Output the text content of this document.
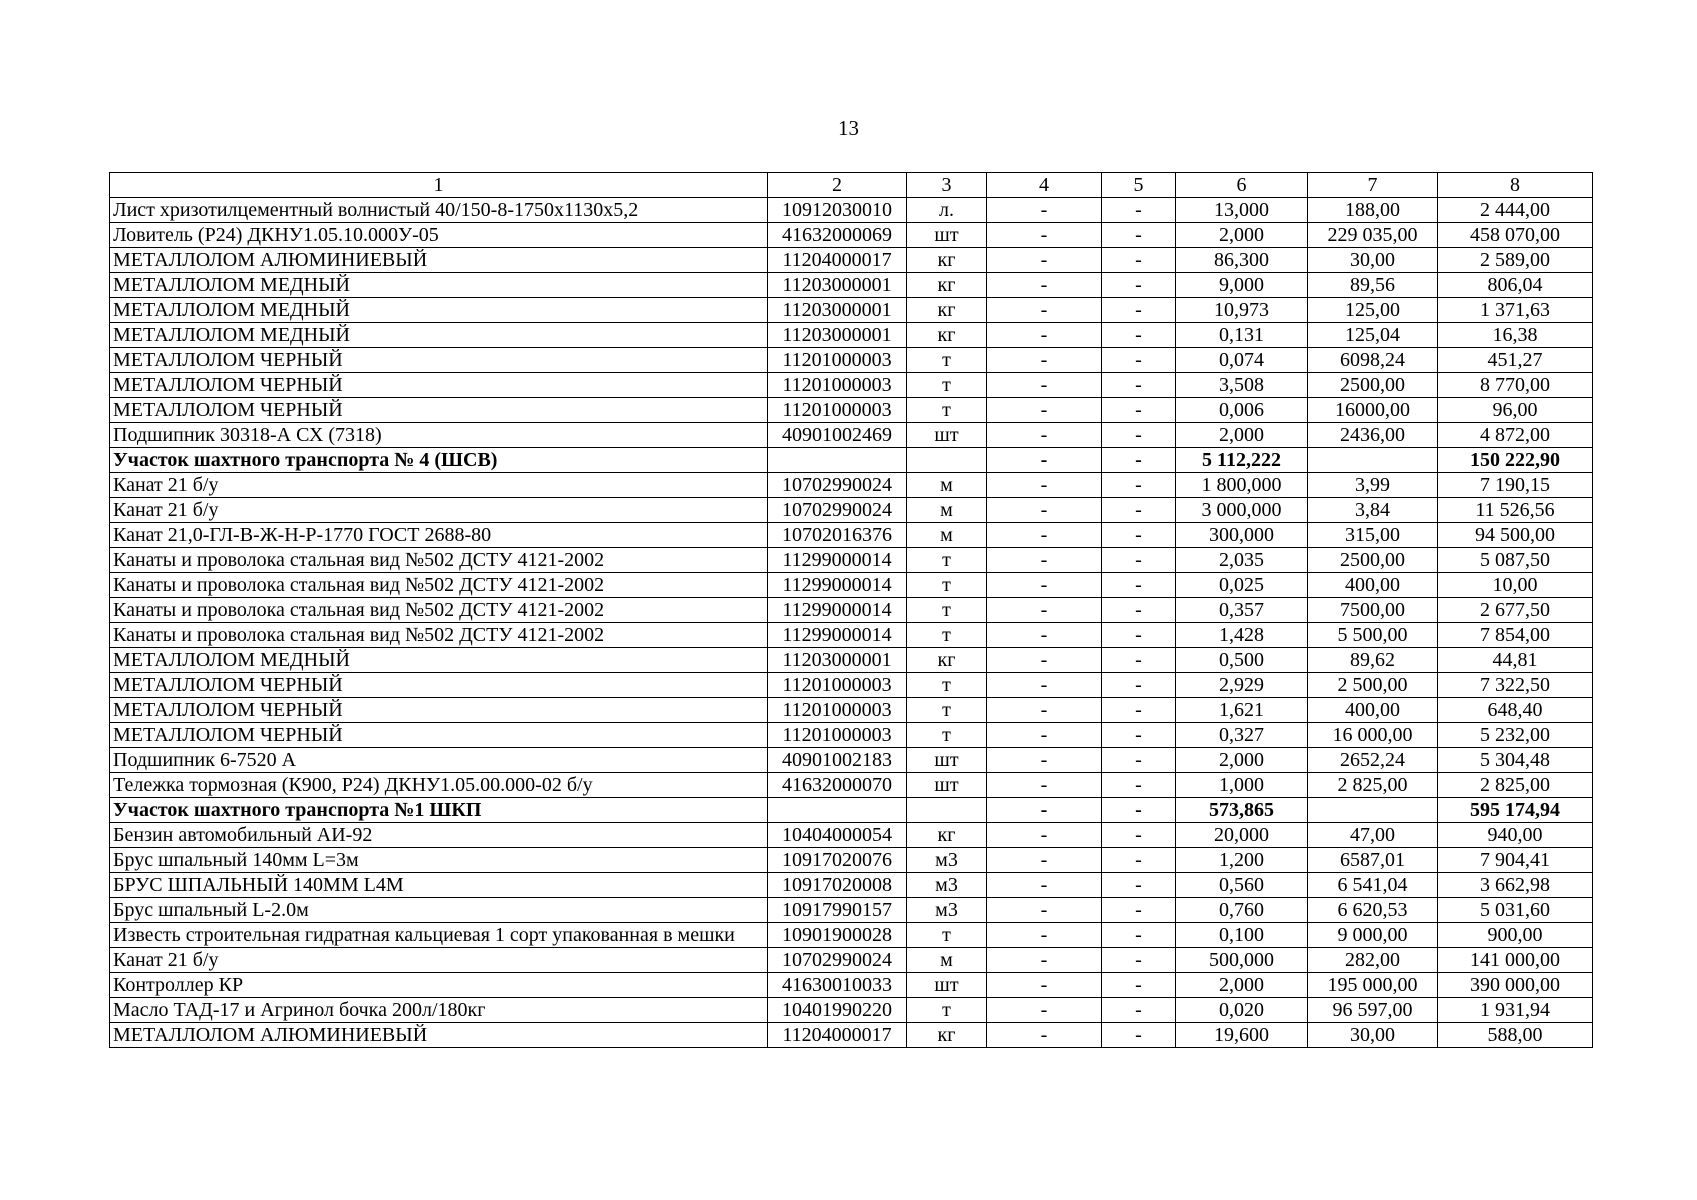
13
1	2	3	4	5	6	7	8
Лист хризотилцементный волнистый 40/150-8-1750х1130х5,2	10912030010	л.	-	-	13,000	188,00	2 444,00
Ловитель (Р24) ДКНУ1.05.10.000У-05	41632000069	шт	-	-	2,000	229 035,00	458 070,00
МЕТАЛЛОЛОМ АЛЮМИНИЕВЫЙ	11204000017	кг	-	-	86,300	30,00	2 589,00
МЕТАЛЛОЛОМ МЕДНЫЙ	11203000001	кг	-	-	9,000	89,56	806,04
МЕТАЛЛОЛОМ МЕДНЫЙ	11203000001	кг	-	-	10,973	125,00	1 371,63
МЕТАЛЛОЛОМ МЕДНЫЙ	11203000001	кг	-	-	0,131	125,04	16,38
МЕТАЛЛОЛОМ ЧЕРНЫЙ	11201000003	т	-	-	0,074	6098,24	451,27
МЕТАЛЛОЛОМ ЧЕРНЫЙ	11201000003	т	-	-	3,508	2500,00	8 770,00
МЕТАЛЛОЛОМ ЧЕРНЫЙ	11201000003	т	-	-	0,006	16000,00	96,00
Подшипник 30318-А СХ (7318)	40901002469	шт	-	-	2,000	2436,00	4 872,00
Участок шахтного транспорта № 4 (ШСВ)			-	-	5 112,222		150 222,90
Канат 21 б/у	10702990024	м	-	-	1 800,000	3,99	7 190,15
Канат 21 б/у	10702990024	м	-	-	3 000,000	3,84	11 526,56
Канат 21,0-ГЛ-В-Ж-Н-Р-1770 ГОСТ 2688-80	10702016376	м	-	-	300,000	315,00	94 500,00
Канаты и проволока стальная вид №502 ДСТУ 4121-2002	11299000014	т	-	-	2,035	2500,00	5 087,50
Канаты и проволока стальная вид №502 ДСТУ 4121-2002	11299000014	т	-	-	0,025	400,00	10,00
Канаты и проволока стальная вид №502 ДСТУ 4121-2002	11299000014	т	-	-	0,357	7500,00	2 677,50
Канаты и проволока стальная вид №502 ДСТУ 4121-2002	11299000014	т	-	-	1,428	5 500,00	7 854,00
МЕТАЛЛОЛОМ МЕДНЫЙ	11203000001	кг	-	-	0,500	89,62	44,81
МЕТАЛЛОЛОМ ЧЕРНЫЙ	11201000003	т	-	-	2,929	2 500,00	7 322,50
МЕТАЛЛОЛОМ ЧЕРНЫЙ	11201000003	т	-	-	1,621	400,00	648,40
МЕТАЛЛОЛОМ ЧЕРНЫЙ	11201000003	т	-	-	0,327	16 000,00	5 232,00
Подшипник 6-7520 А	40901002183	шт	-	-	2,000	2652,24	5 304,48
Тележка тормозная (К900, Р24) ДКНУ1.05.00.000-02 б/у	41632000070	шт	-	-	1,000	2 825,00	2 825,00
Участок шахтного транспорта №1 ШКП			-	-	573,865		595 174,94
Бензин автомобильный АИ-92	10404000054	кг	-	-	20,000	47,00	940,00
Брус шпальный 140мм L=3м	10917020076	м3	-	-	1,200	6587,01	7 904,41
БРУС ШПАЛЬНЫЙ 140ММ L4M	10917020008	м3	-	-	0,560	6 541,04	3 662,98
Брус шпальный L-2.0м	10917990157	м3	-	-	0,760	6 620,53	5 031,60
Известь строительная гидратная кальциевая 1 сорт упакованная в мешки	10901900028	т	-	-	0,100	9 000,00	900,00
Канат 21 б/у	10702990024	м	-	-	500,000	282,00	141 000,00
Контроллер КР	41630010033	шт	-	-	2,000	195 000,00	390 000,00
Масло ТАД-17 и Агринол бочка 200л/180кг	10401990220	т	-	-	0,020	96 597,00	1 931,94
МЕТАЛЛОЛОМ АЛЮМИНИЕВЫЙ	11204000017	кг	-	-	19,600	30,00	588,00
